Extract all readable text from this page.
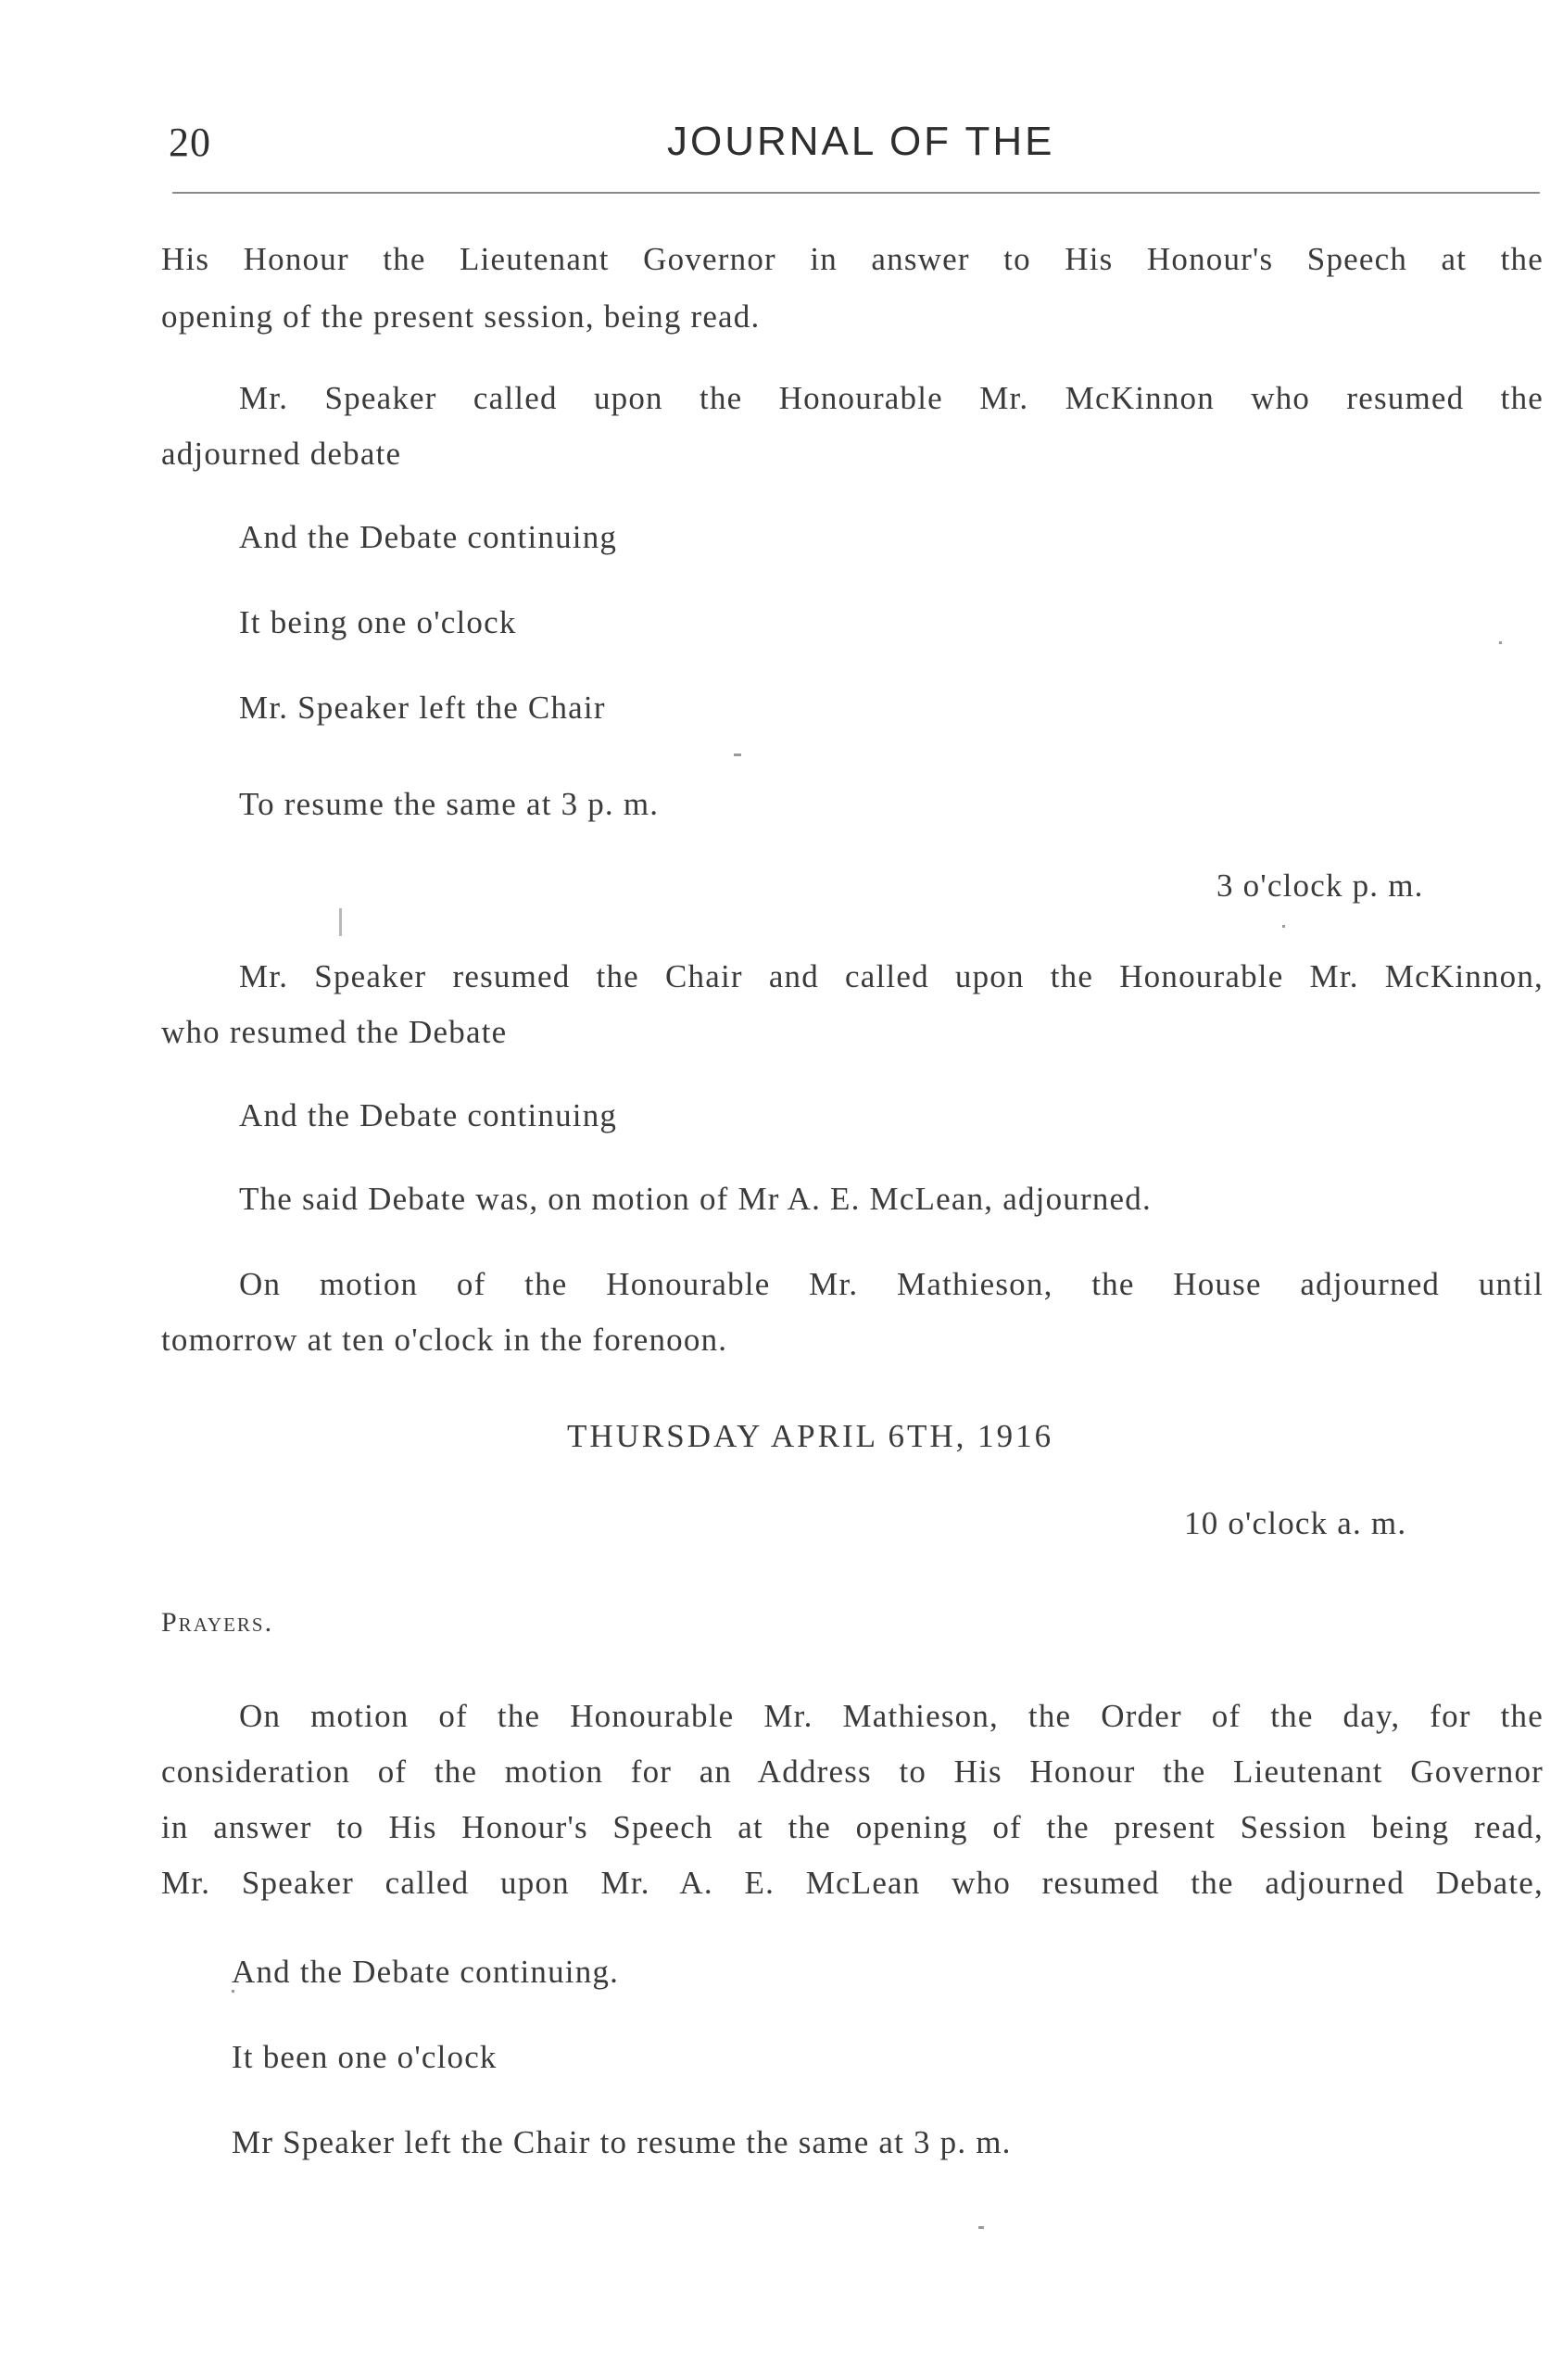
20	JOURNAL OF THE
His Honour the Lieutenant Governor in answer to His Honour's Speech at the
opening of the present session, being read.
Mr. Speaker called upon the Honourable Mr. McKinnon who resumed the
adjourned debate
And the Debate continuing
It being one o'clock
Mr. Speaker left the Chair
To resume the same at 3 p. m.
3 o'clock p. m.
Mr. Speaker resumed the Chair and called upon the Honourable Mr. McKinnon,
who resumed the Debate
And the Debate continuing
The said Debate was, on motion of Mr A. E. McLean, adjourned.
On motion of the Honourable Mr. Mathieson, the House adjourned until
tomorrow at ten o'clock in the forenoon.
THURSDAY APRIL 6TH, 1916
10 o'clock a. m.
Prayers.
On motion of the Honourable Mr. Mathieson, the Order of the day, for the
consideration of the motion for an Address to His Honour the Lieutenant Governor
in answer to His Honour's Speech at the opening of the present Session being read,
Mr. Speaker called upon Mr. A. E. McLean who resumed the adjourned Debate,
And the Debate continuing.
It been one o'clock
Mr Speaker left the Chair to resume the same at 3 p. m.
